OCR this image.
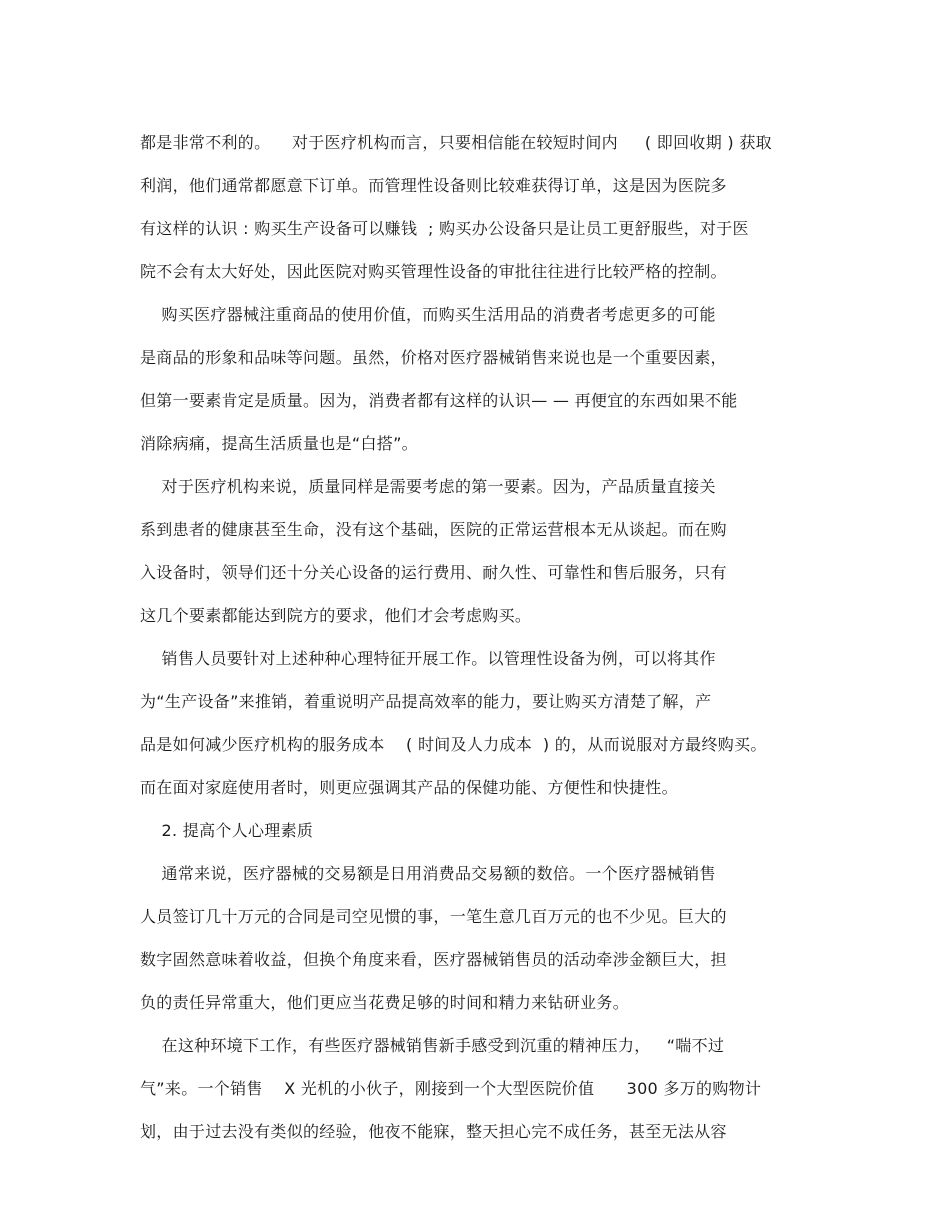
都是非常不利的。    对于医疗机构而言，只要相信能在较短时间内     ( 即回收期 ) 获取
利润，他们通常都愿意下订单。而管理性设备则比较难获得订单，这是因为医院多
有这样的认识 : 购买生产设备可以赚钱  ; 购买办公设备只是让员工更舒服些，对于医
院不会有太大好处，因此医院对购买管理性设备的审批往往进行比较严格的控制。
购买医疗器械注重商品的使用价值，而购买生活用品的消费者考虑更多的可能
是商品的形象和品味等问题。虽然，价格对医疗器械销售来说也是一个重要因素，
但第一要素肯定是质量。因为，消费者都有这样的认识— — 再便宜的东西如果不能
消除病痛，提高生活质量也是“白搭”。
对于医疗机构来说，质量同样是需要考虑的第一要素。因为，产品质量直接关
系到患者的健康甚至生命，没有这个基础，医院的正常运营根本无从谈起。而在购
入设备时，领导们还十分关心设备的运行费用、耐久性、可靠性和售后服务，只有
这几个要素都能达到院方的要求，他们才会考虑购买。
销售人员要针对上述种种心理特征开展工作。以管理性设备为例，可以将其作
为“生产设备”来推销，着重说明产品提高效率的能力，要让购买方清楚了解，产
品是如何减少医疗机构的服务成本    ( 时间及人力成本  ) 的，从而说服对方最终购买。
而在面对家庭使用者时，则更应强调其产品的保健功能、方便性和快捷性。
2. 提高个人心理素质
通常来说，医疗器械的交易额是日用消费品交易额的数倍。一个医疗器械销售
人员签订几十万元的合同是司空见惯的事，一笔生意几百万元的也不少见。巨大的
数字固然意味着收益，但换个角度来看，医疗器械销售员的活动牵涉金额巨大，担
负的责任异常重大，他们更应当花费足够的时间和精力来钻研业务。
在这种环境下工作，有些医疗器械销售新手感受到沉重的精神压力，   “喘不过
气”来。一个销售    X 光机的小伙子，刚接到一个大型医院价值      300 多万的购物计
划，由于过去没有类似的经验，他夜不能寐，整天担心完不成任务，甚至无法从容
